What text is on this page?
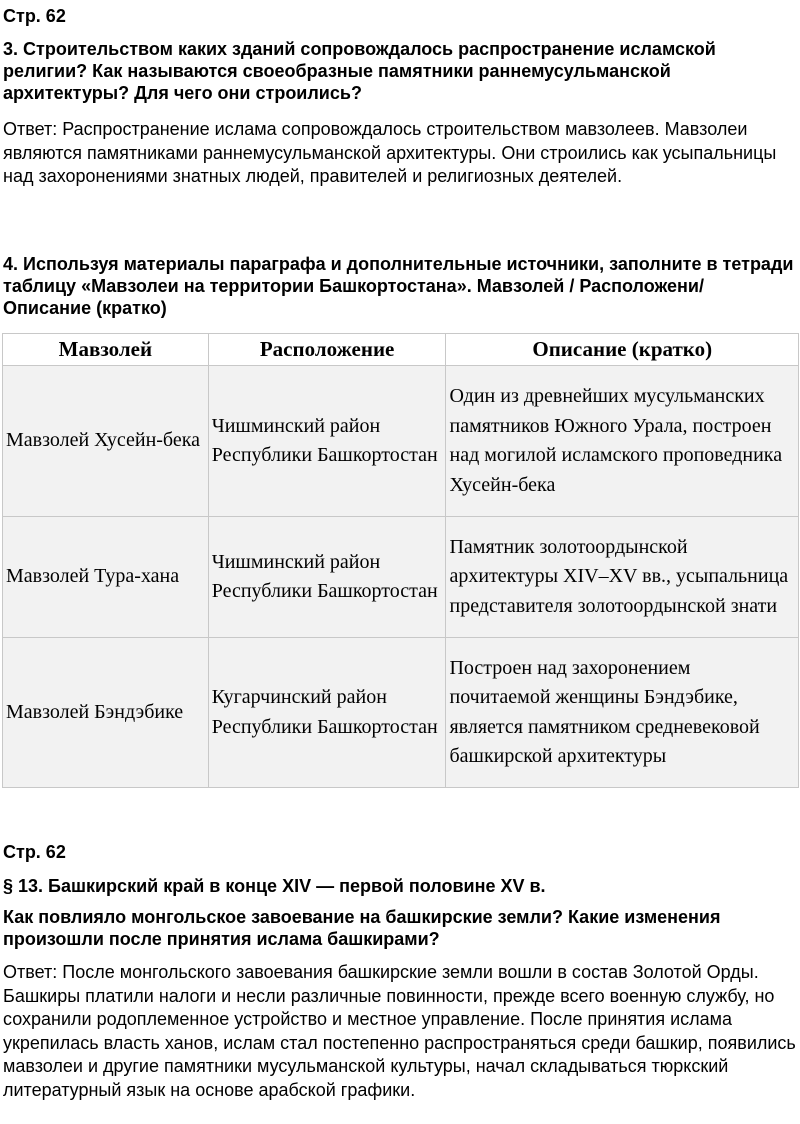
Стр. 62

3. Строительством каких зданий сопровождалось распространение исламской религии? Как называются своеобразные памятники раннемусульманской архитектуры? Для чего они строились?

Ответ: Распространение ислама сопровождалось строительством мавзолеев. Мавзолеи являются памятниками раннемусульманской архитектуры. Они строились как усыпальницы над захоронениями знатных людей, правителей и религиозных деятелей.

4. Используя материалы параграфа и дополнительные источники, заполните в тетради таблицу «Мавзолеи на территории Башкортостана». Мавзолей / Расположени/  Описание (кратко)

Мавзолей	Расположение	Описание (кратко)
Мавзолей Хусейн-бека	Чишминский район Республики Башкортостан	Один из древнейших мусульманских памятников Южного Урала, построен над могилой исламского проповедника Хусейн-бека
Мавзолей Тура-хана	Чишминский район Республики Башкортостан	Памятник золотоордынской архитектуры XIV–XV вв., усыпальница представителя золотоордынской знати
Мавзолей Бэндэбике	Кугарчинский район Республики Башкортостан	Построен над захоронением почитаемой женщины Бэндэбике, является памятником средневековой башкирской архитектуры

Стр. 62

§ 13. Башкирский край в конце XIV — первой половине XV в.

Как повлияло монгольское завоевание на башкирские земли? Какие изменения произошли после принятия ислама башкирами?

Ответ: После монгольского завоевания башкирские земли вошли в состав Золотой Орды. Башкиры платили налоги и несли различные повинности, прежде всего военную службу, но сохранили родоплеменное устройство и местное управление. После принятия ислама укрепилась власть ханов, ислам стал постепенно распространяться среди башкир, появились мавзолеи и другие памятники мусульманской культуры, начал складываться тюркский литературный язык на основе арабской графики.
